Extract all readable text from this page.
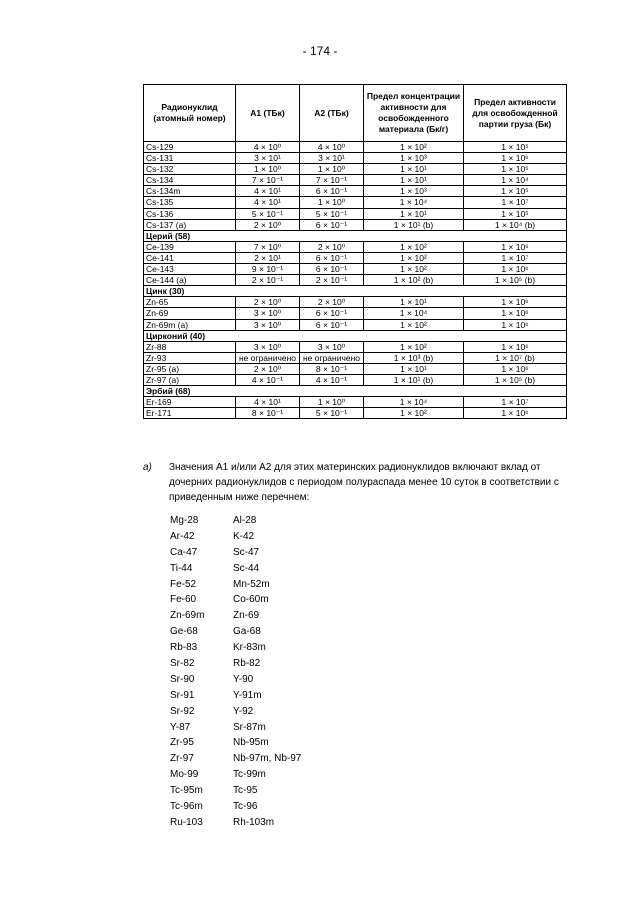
- 174 -
Радионуклид (атомный номер)	A1 (ТБк)	A2 (ТБк)	Предел концентрации активности для освобожденного материала (Бк/г)	Предел активности для освобожденной партии груза (Бк)
Cs-129	4 × 10⁰	4 × 10⁰	1 × 10²	1 × 10⁵
Cs-131	3 × 10¹	3 × 10¹	1 × 10³	1 × 10⁶
Cs-132	1 × 10⁰	1 × 10⁰	1 × 10¹	1 × 10⁵
Cs-134	7 × 10⁻¹	7 × 10⁻¹	1 × 10¹	1 × 10⁴
Cs-134m	4 × 10¹	6 × 10⁻¹	1 × 10³	1 × 10⁵
Cs-135	4 × 10¹	1 × 10⁰	1 × 10⁴	1 × 10⁷
Cs-136	5 × 10⁻¹	5 × 10⁻¹	1 × 10¹	1 × 10⁵
Cs-137 (a)	2 × 10⁰	6 × 10⁻¹	1 × 10¹ (b)	1 × 10⁴ (b)
Церий (58)				
Ce-139	7 × 10⁰	2 × 10⁰	1 × 10²	1 × 10⁶
Ce-141	2 × 10¹	6 × 10⁻¹	1 × 10²	1 × 10⁷
Ce-143	9 × 10⁻¹	6 × 10⁻¹	1 × 10²	1 × 10⁶
Ce-144 (a)	2 × 10⁻¹	2 × 10⁻¹	1 × 10² (b)	1 × 10⁵ (b)
Цинк (30)				
Zn-65	2 × 10⁰	2 × 10⁰	1 × 10¹	1 × 10⁶
Zn-69	3 × 10⁰	6 × 10⁻¹	1 × 10⁴	1 × 10⁶
Zn-69m (a)	3 × 10⁰	6 × 10⁻¹	1 × 10²	1 × 10⁶
Цирконий (40)				
Zr-88	3 × 10⁰	3 × 10⁰	1 × 10²	1 × 10⁶
Zr-93	не ограничено	не ограничено	1 × 10³ (b)	1 × 10⁷ (b)
Zr-95 (a)	2 × 10⁰	8 × 10⁻¹	1 × 10¹	1 × 10⁶
Zr-97 (a)	4 × 10⁻¹	4 × 10⁻¹	1 × 10¹ (b)	1 × 10⁵ (b)
Эрбий (68)				
Er-169	4 × 10¹	1 × 10⁰	1 × 10⁴	1 × 10⁷
Er-171	8 × 10⁻¹	5 × 10⁻¹	1 × 10²	1 × 10⁶
a) Значения A1 и/или A2 для этих материнских радионуклидов включают вклад от дочерних радионуклидов с периодом полураспада менее 10 суток в соответствии с приведенным ниже перечнем:
Mg-28	Al-28
Ar-42	K-42
Ca-47	Sc-47
Ti-44	Sc-44
Fe-52	Mn-52m
Fe-60	Co-60m
Zn-69m	Zn-69
Ge-68	Ga-68
Rb-83	Kr-83m
Sr-82	Rb-82
Sr-90	Y-90
Sr-91	Y-91m
Sr-92	Y-92
Y-87	Sr-87m
Zr-95	Nb-95m
Zr-97	Nb-97m, Nb-97
Mo-99	Tc-99m
Tc-95m	Tc-95
Tc-96m	Tc-96
Ru-103	Rh-103m
